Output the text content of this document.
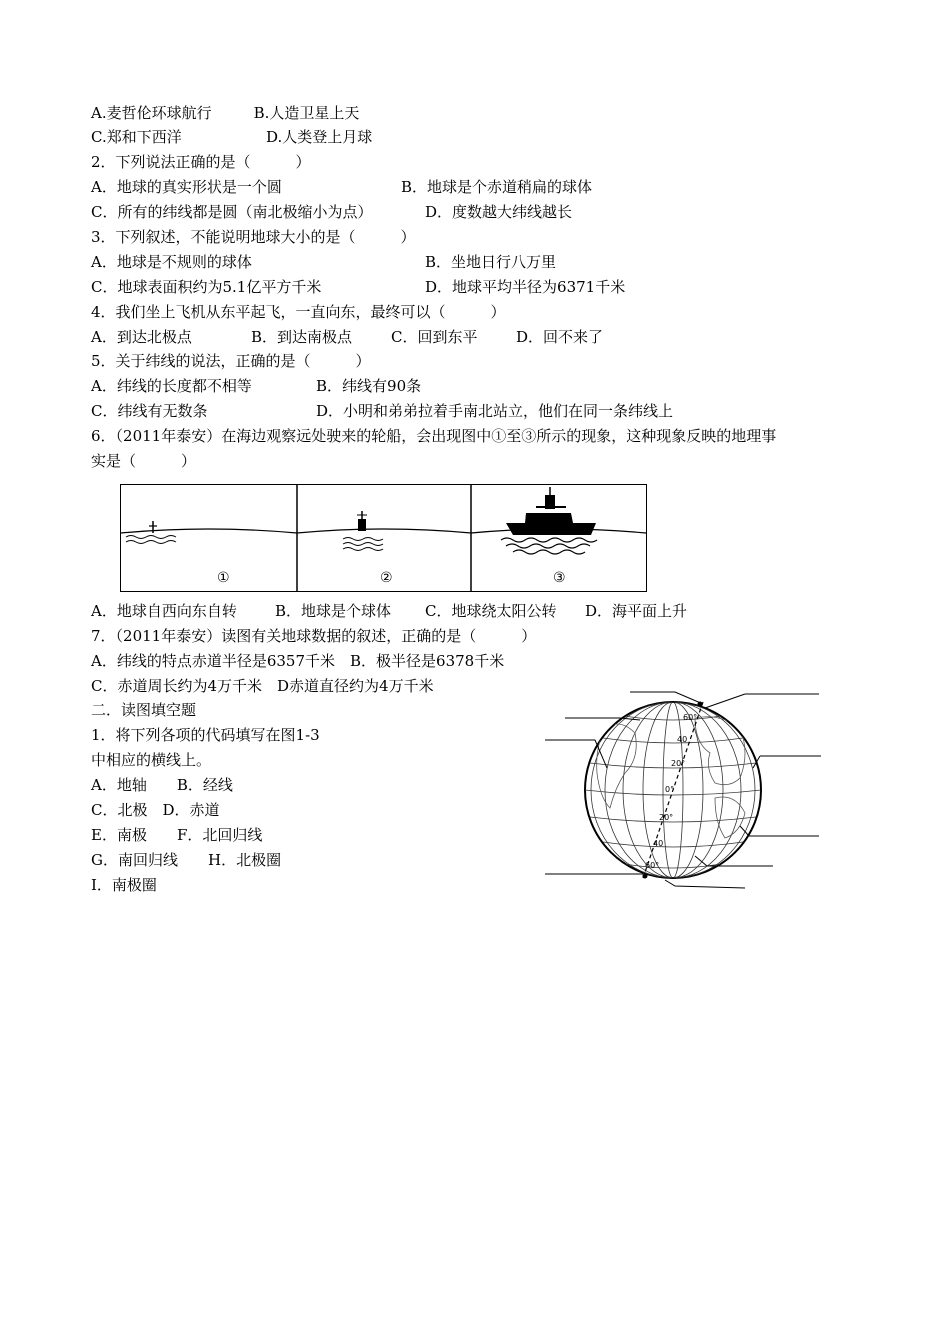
A.麦哲伦环球航行	B.人造卫星上天
C.郑和下西洋	D.人类登上月球
2．下列说法正确的是（　　　）
A．地球的真实形状是一个圆	B．地球是个赤道稍扁的球体
C．所有的纬线都是圆（南北极缩小为点）	D．度数越大纬线越长
3．下列叙述，不能说明地球大小的是（　　　）
A．地球是不规则的球体	B．坐地日行八万里
C．地球表面积约为5.1亿平方千米	D．地球平均半径为6371千米
4．我们坐上飞机从东平起飞，一直向东，最终可以（　　　）
A．到达北极点	B．到达南极点	C．回到东平	D．回不来了
5．关于纬线的说法，正确的是（　　　）
A．纬线的长度都不相等	B．纬线有90条
C．纬线有无数条	D．小明和弟弟拉着手南北站立，他们在同一条纬线上
6．（2011年泰安）在海边观察远处驶来的轮船，会出现图中①至③所示的现象，这种现象反映的地理事
实是（　　　）
①	②	③
A．地球自西向东自转	B．地球是个球体 C．地球绕太阳公转 D．海平面上升
7．（2011年泰安）读图有关地球数据的叙述，正确的是（　　　）
A．纬线的特点赤道半径是6357千米　B．极半径是6378千米
C．赤道周长约为4万千米　D赤道直径约为4万千米
二．读图填空题
1．将下列各项的代码填写在图1-3
中相应的横线上。
A．地轴　　B．经线
C．北极　D．赤道
E．南极　　F．北回归线
G．南回归线　　H．北极圈
I．南极圈
60°
40
20°
0°
20°
40
60°
